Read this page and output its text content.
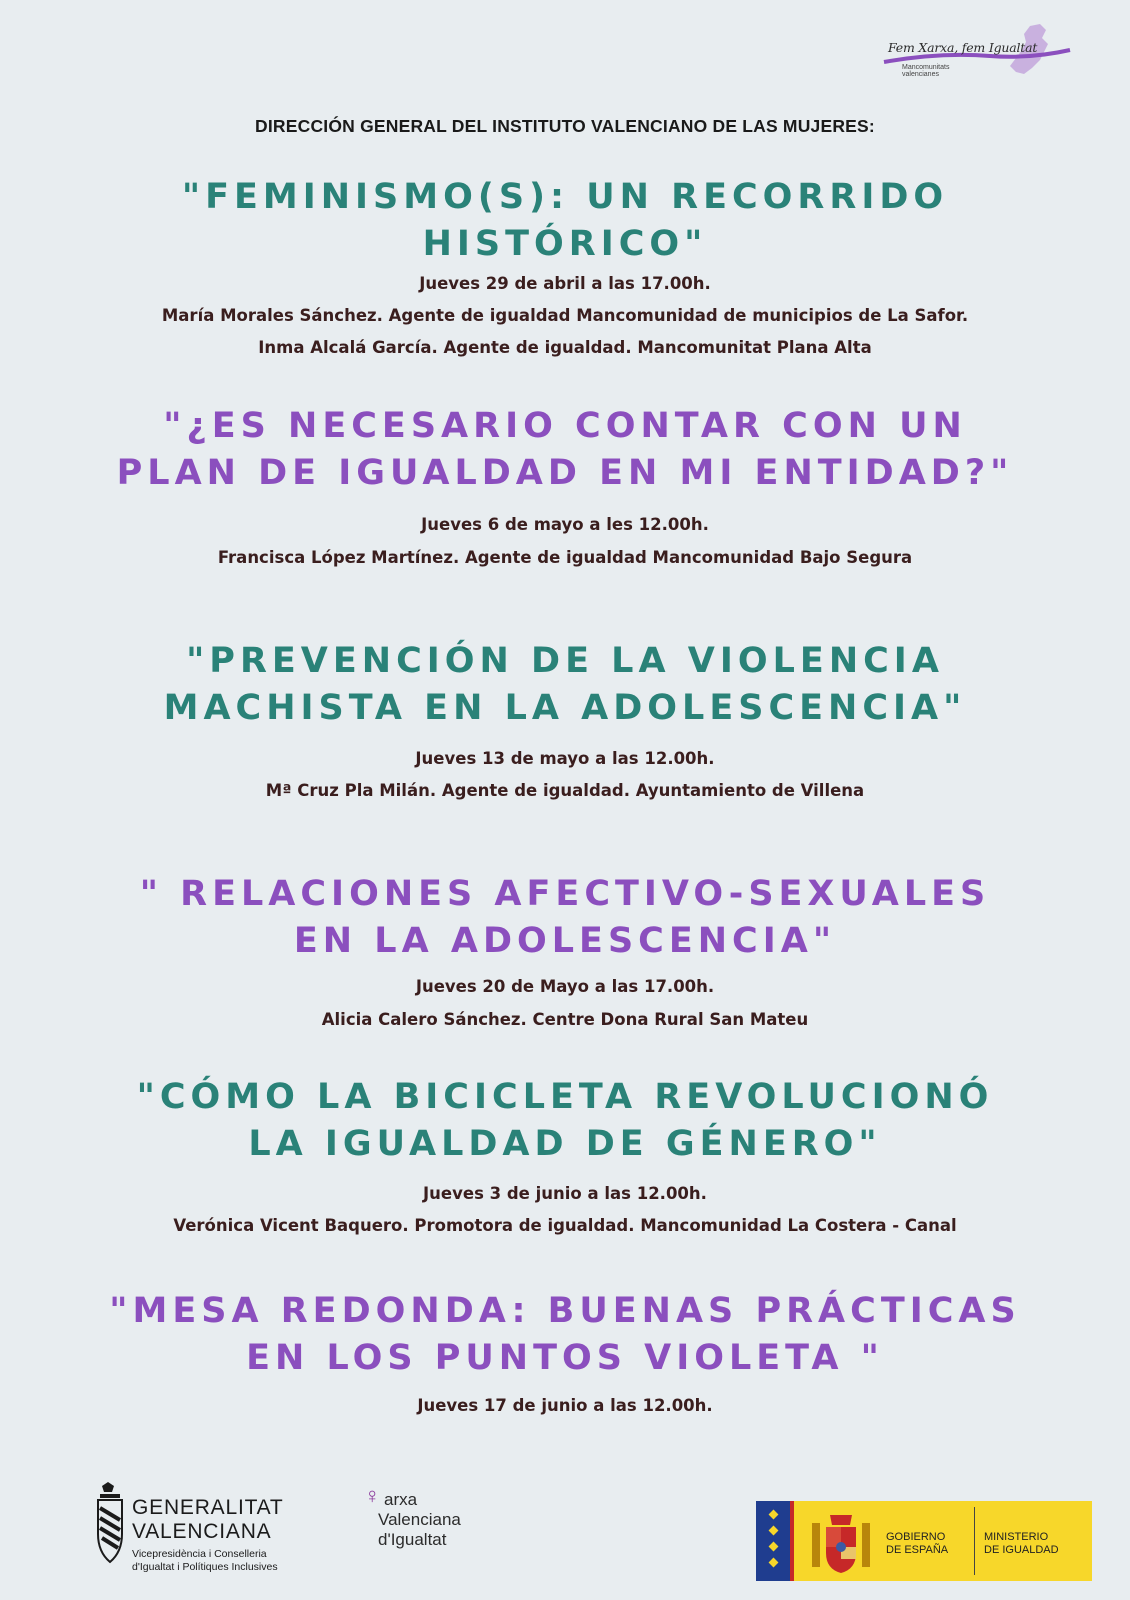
Fem Xarxa, fem Igualtat
Mancomunitats
valencianes
DIRECCIÓN GENERAL DEL INSTITUTO VALENCIANO DE LAS MUJERES:
"FEMINISMO(S): UN RECORRIDO
HISTÓRICO"
Jueves 29 de abril a las 17.00h.
María Morales Sánchez. Agente de igualdad Mancomunidad de municipios de La Safor.
Inma Alcalá García. Agente de igualdad. Mancomunitat Plana Alta
"¿ES NECESARIO CONTAR CON UN
PLAN DE IGUALDAD EN MI ENTIDAD?"
Jueves 6 de mayo a les 12.00h.
Francisca López Martínez. Agente de igualdad Mancomunidad Bajo Segura
"PREVENCIÓN DE LA VIOLENCIA
MACHISTA EN LA ADOLESCENCIA"
Jueves 13 de mayo a las 12.00h.
Mª Cruz Pla Milán. Agente de igualdad. Ayuntamiento de Villena
" RELACIONES AFECTIVO-SEXUALES
EN LA ADOLESCENCIA"
Jueves 20 de Mayo a las 17.00h.
Alicia Calero Sánchez. Centre Dona Rural San Mateu
"CÓMO LA BICICLETA REVOLUCIONÓ
LA IGUALDAD DE GÉNERO"
Jueves 3 de junio a las 12.00h.
Verónica Vicent Baquero. Promotora de igualdad. Mancomunidad La Costera - Canal
"MESA REDONDA: BUENAS PRÁCTICAS
EN LOS PUNTOS VIOLETA "
Jueves 17 de junio a las 12.00h.
GENERALITAT
VALENCIANA
Vicepresidència i Conselleria
d'Igualtat i Polítiques Inclusives
♀ arxa
Valenciana
d'Igualtat	GOBIERNO
DE ESPAÑA
MINISTERIO
DE IGUALDAD
